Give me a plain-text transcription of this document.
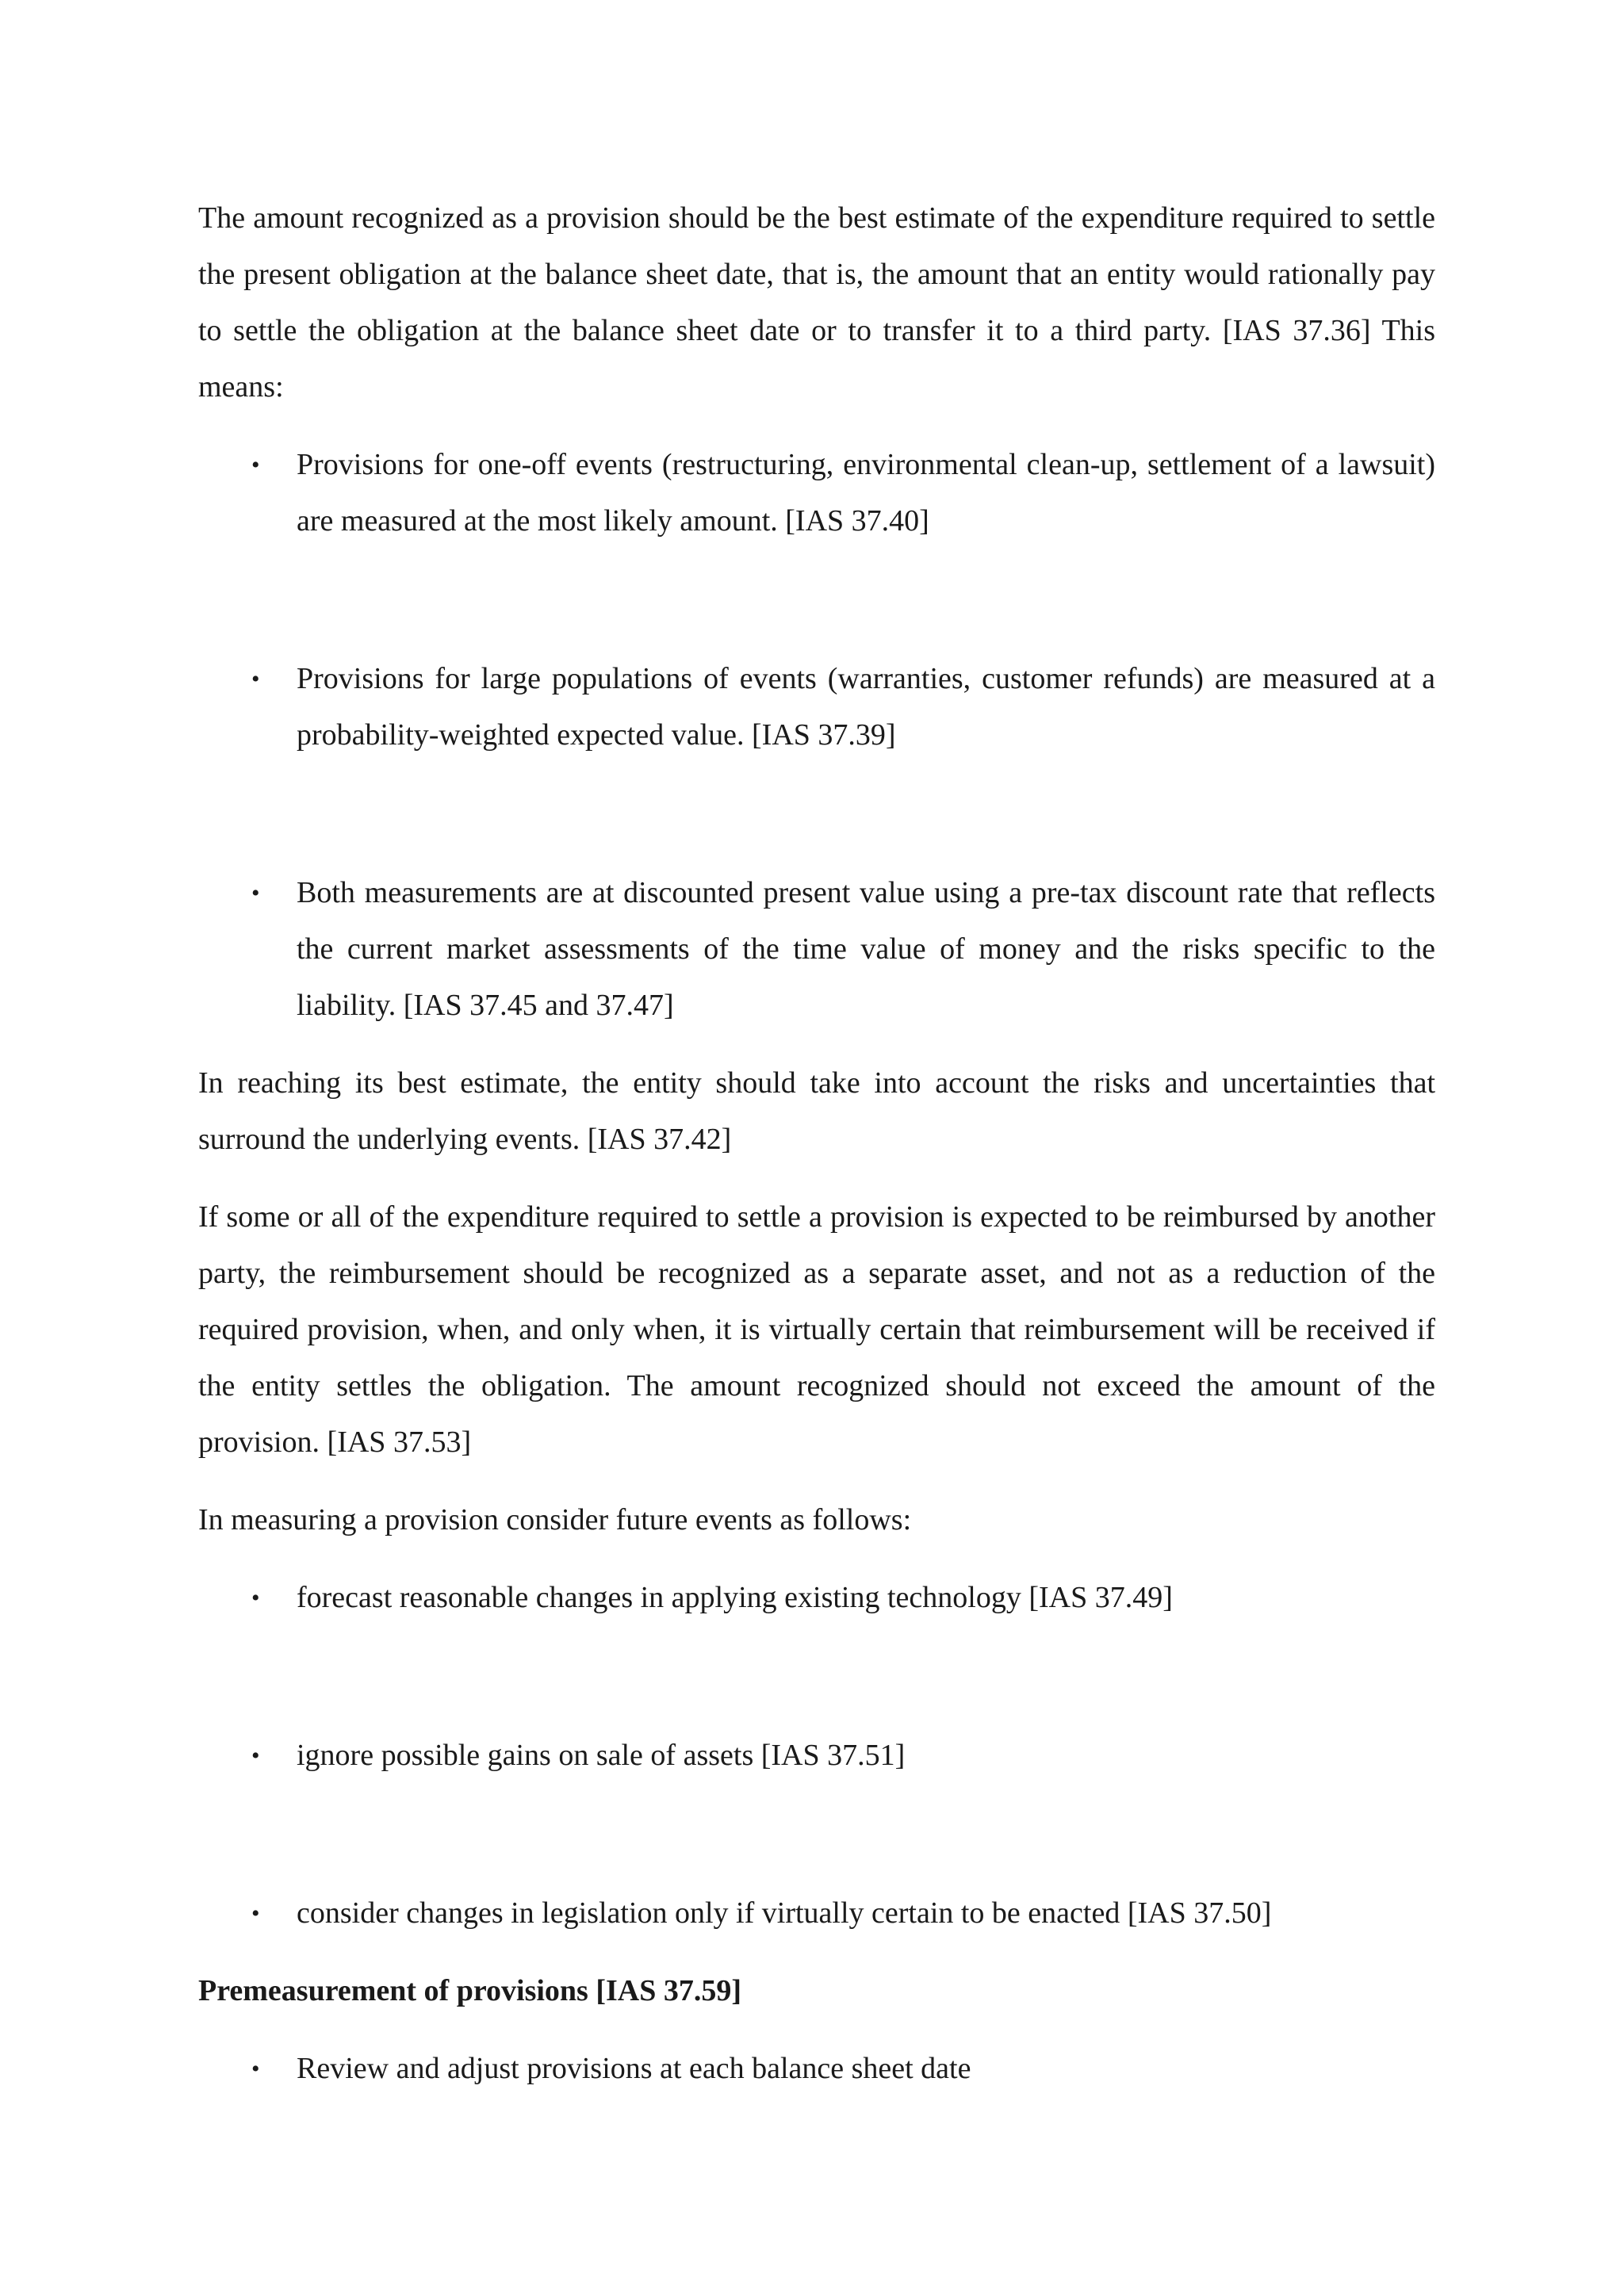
The amount recognized as a provision should be the best estimate of the expenditure required to settle the present obligation at the balance sheet date, that is, the amount that an entity would rationally pay to settle the obligation at the balance sheet date or to transfer it to a third party. [IAS 37.36] This means:

• Provisions for one-off events (restructuring, environmental clean-up, settlement of a lawsuit) are measured at the most likely amount. [IAS 37.40]
• Provisions for large populations of events (warranties, customer refunds) are measured at a probability-weighted expected value. [IAS 37.39]
• Both measurements are at discounted present value using a pre-tax discount rate that reflects the current market assessments of the time value of money and the risks specific to the liability. [IAS 37.45 and 37.47]

In reaching its best estimate, the entity should take into account the risks and uncertainties that surround the underlying events. [IAS 37.42]

If some or all of the expenditure required to settle a provision is expected to be reimbursed by another party, the reimbursement should be recognized as a separate asset, and not as a reduction of the required provision, when, and only when, it is virtually certain that reimbursement will be received if the entity settles the obligation. The amount recognized should not exceed the amount of the provision. [IAS 37.53]

In measuring a provision consider future events as follows:

• forecast reasonable changes in applying existing technology [IAS 37.49]
• ignore possible gains on sale of assets [IAS 37.51]
• consider changes in legislation only if virtually certain to be enacted [IAS 37.50]

Premeasurement of provisions [IAS 37.59]

• Review and adjust provisions at each balance sheet date
